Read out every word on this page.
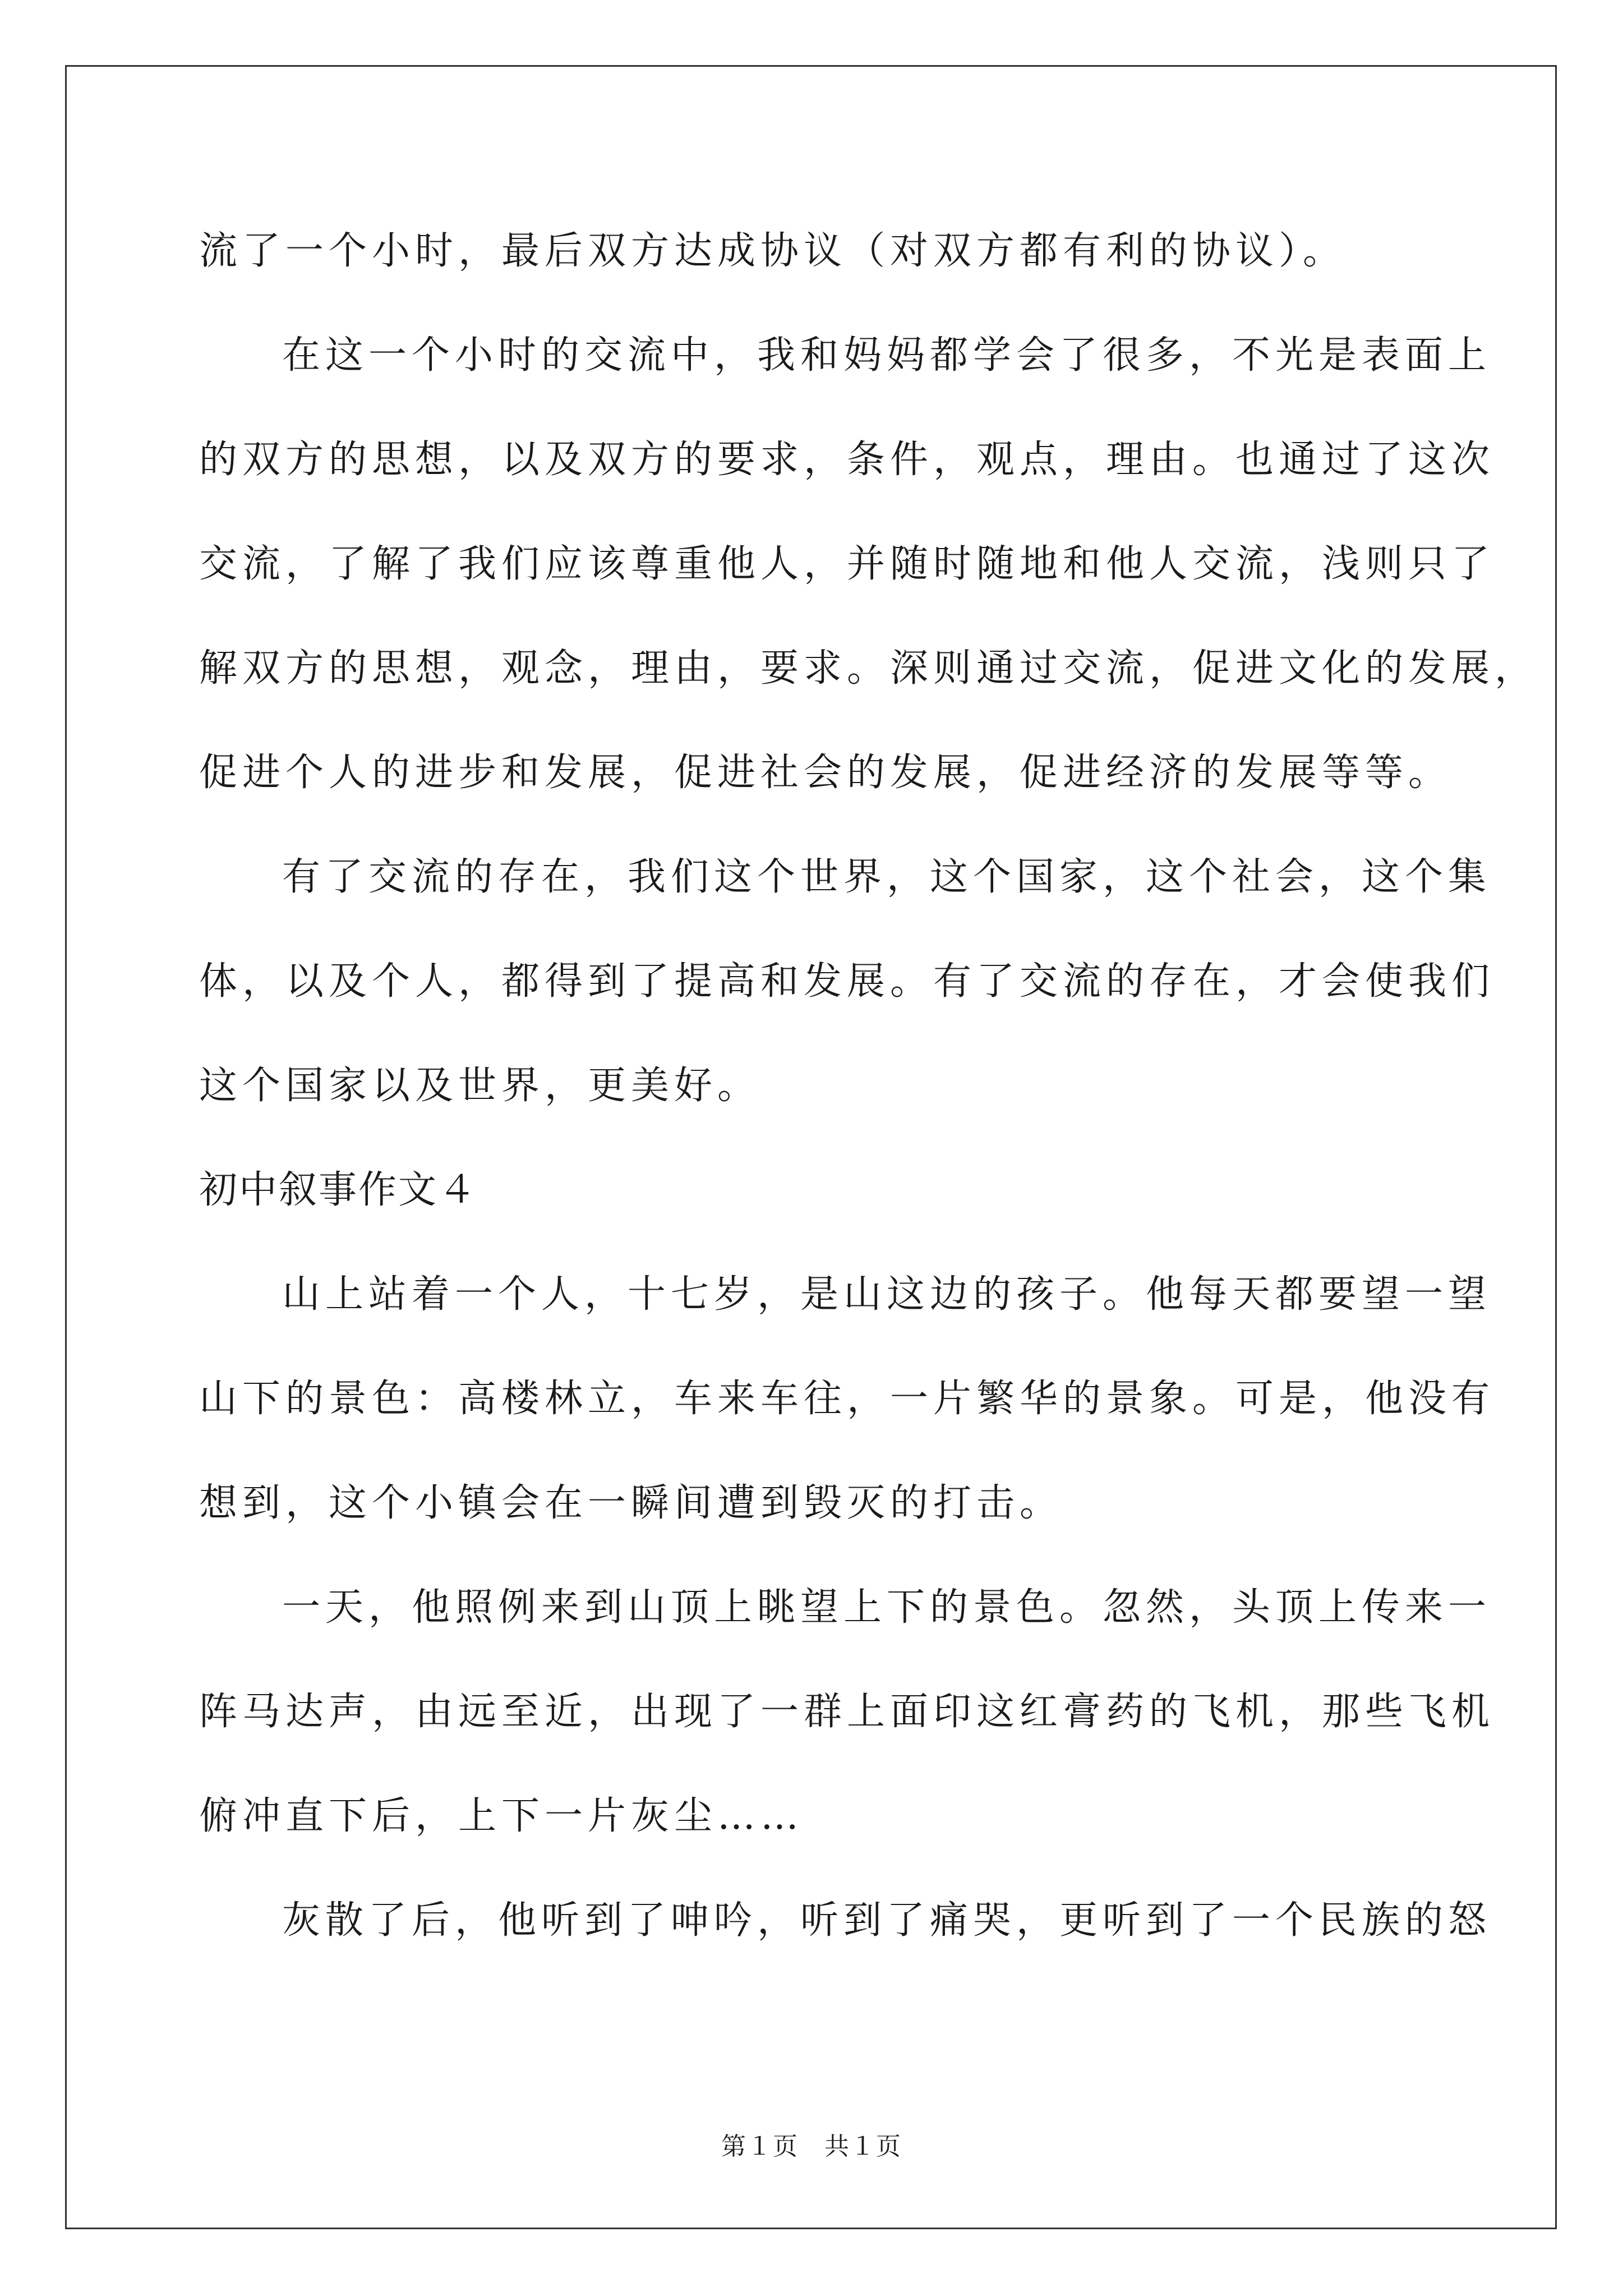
流了一个小时，最后双方达成协议（对双方都有利的协议）。

在这一个小时的交流中，我和妈妈都学会了很多，不光是表面上

的双方的思想，以及双方的要求，条件，观点，理由。也通过了这次

交流，了解了我们应该尊重他人，并随时随地和他人交流，浅则只了

解双方的思想，观念，理由，要求。深则通过交流，促进文化的发展，

促进个人的进步和发展，促进社会的发展，促进经济的发展等等。

有了交流的存在，我们这个世界，这个国家，这个社会，这个集

体，以及个人，都得到了提高和发展。有了交流的存在，才会使我们

这个国家以及世界，更美好。

初中叙事作文４

山上站着一个人，十七岁，是山这边的孩子。他每天都要望一望

山下的景色：高楼林立，车来车往，一片繁华的景象。可是，他没有

想到，这个小镇会在一瞬间遭到毁灭的打击。

一天，他照例来到山顶上眺望上下的景色。忽然，头顶上传来一

阵马达声，由远至近，出现了一群上面印这红膏药的飞机，那些飞机

俯冲直下后，上下一片灰尘……

灰散了后，他听到了呻吟，听到了痛哭，更听到了一个民族的怒

第１页　共１页
